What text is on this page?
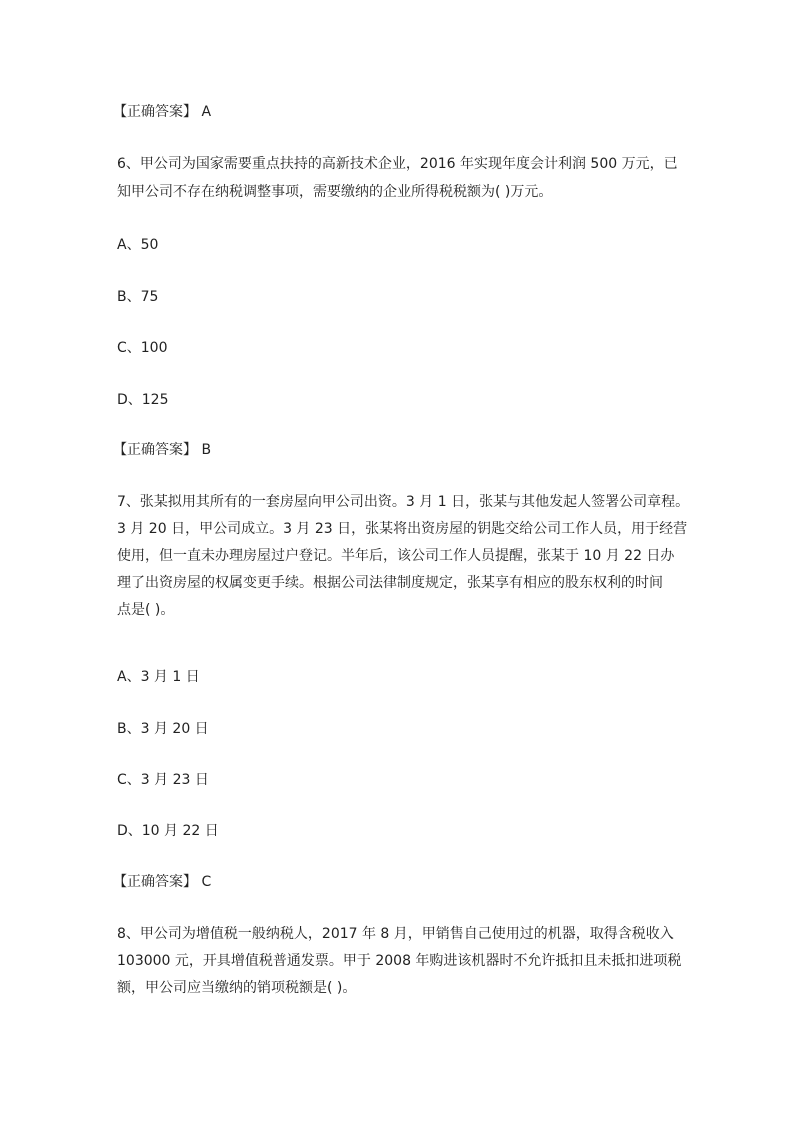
【正确答案】 A
6、甲公司为国家需要重点扶持的高新技术企业，2016 年实现年度会计利润 500 万元，已
知甲公司不存在纳税调整事项，需要缴纳的企业所得税税额为( )万元。
A、50
B、75
C、100
D、125
【正确答案】 B
7、张某拟用其所有的一套房屋向甲公司出资。3 月 1 日，张某与其他发起人签署公司章程。
3 月 20 日，甲公司成立。3 月 23 日，张某将出资房屋的钥匙交给公司工作人员，用于经营
使用，但一直未办理房屋过户登记。半年后，该公司工作人员提醒，张某于 10 月 22 日办
理了出资房屋的权属变更手续。根据公司法律制度规定，张某享有相应的股东权利的时间
点是( )。
A、3 月 1 日
B、3 月 20 日
C、3 月 23 日
D、10 月 22 日
【正确答案】 C
8、甲公司为增值税一般纳税人，2017 年 8 月，甲销售自己使用过的机器，取得含税收入
103000 元，开具增值税普通发票。甲于 2008 年购进该机器时不允许抵扣且未抵扣进项税
额，甲公司应当缴纳的销项税额是( )。
